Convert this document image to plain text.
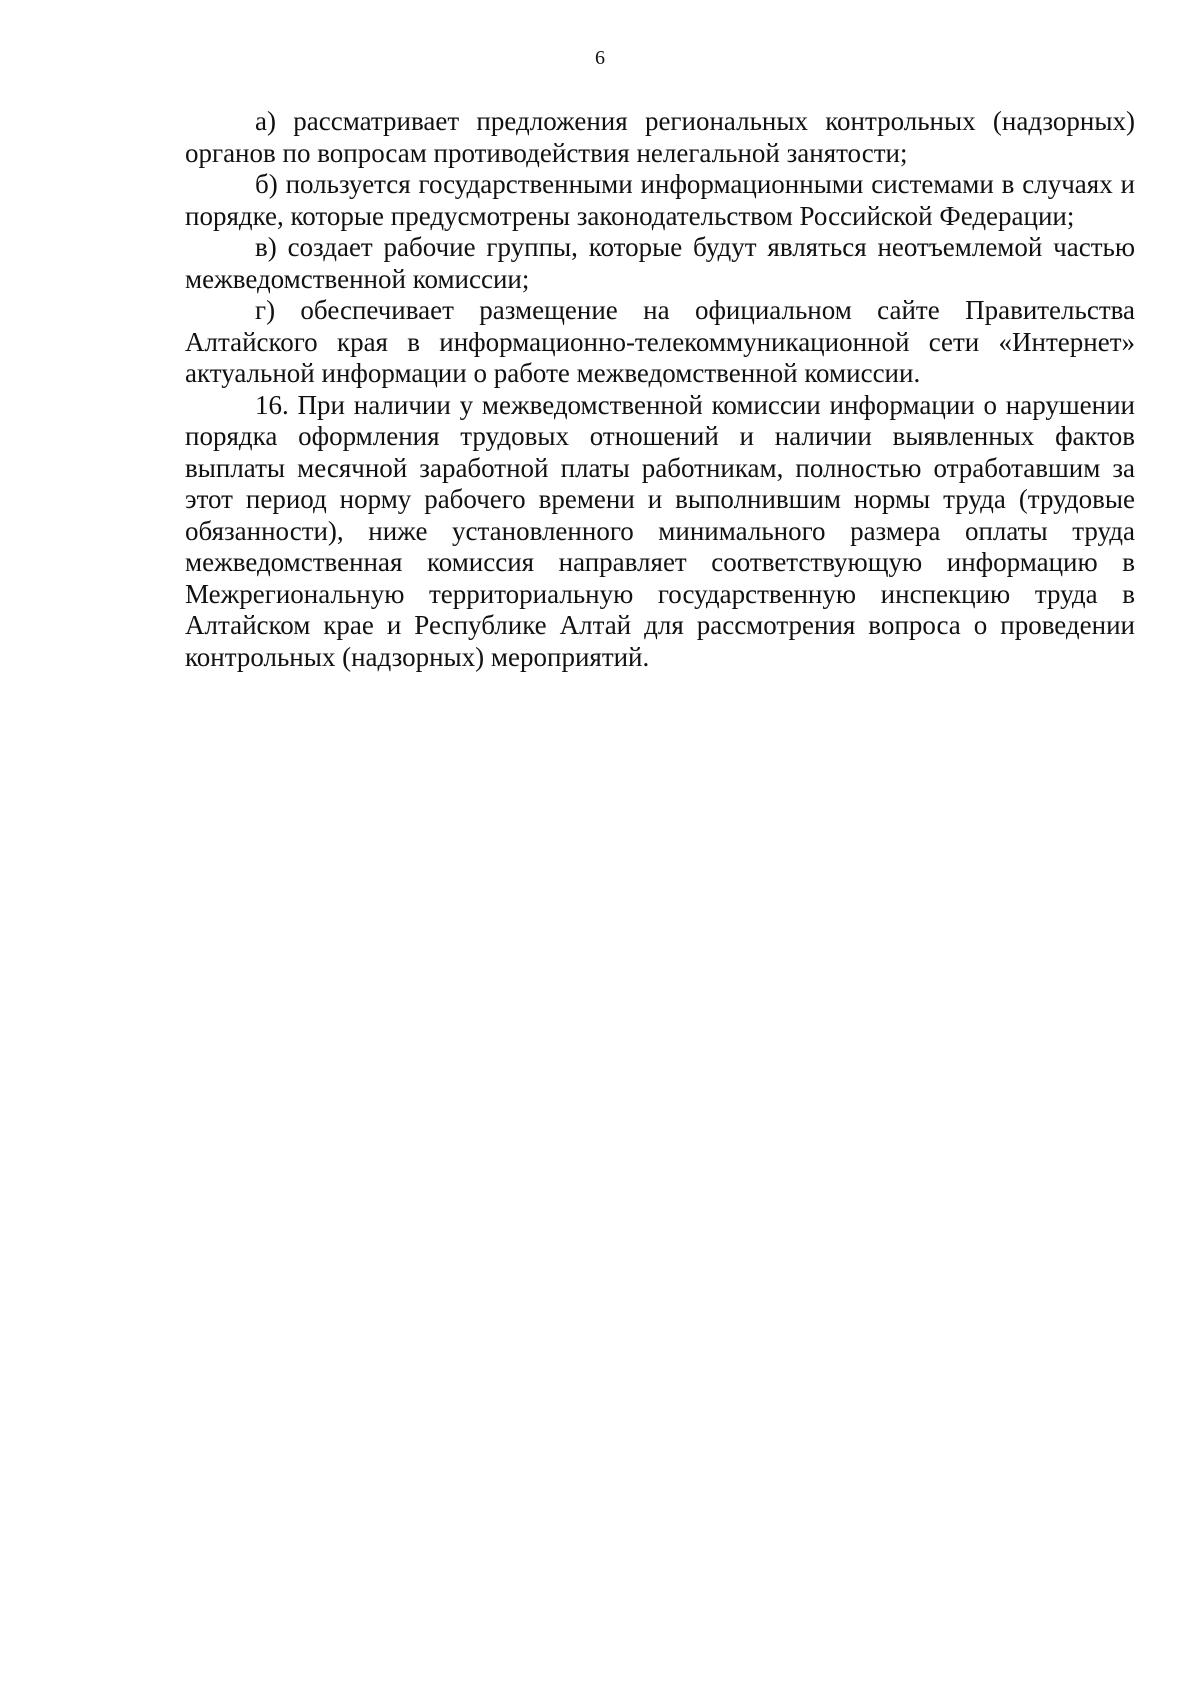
6

а) рассматривает предложения региональных контрольных (надзорных) органов по вопросам противодействия нелегальной занятости;

б) пользуется государственными информационными системами в случаях и порядке, которые предусмотрены законодательством Российской Федерации;

в) создает рабочие группы, которые будут являться неотъемлемой частью межведомственной комиссии;

г) обеспечивает размещение на официальном сайте Правительства Алтайского края в информационно-телекоммуникационной сети «Интернет» актуальной информации о работе межведомственной комиссии.

16. При наличии у межведомственной комиссии информации о нарушении порядка оформления трудовых отношений и наличии выявленных фактов выплаты месячной заработной платы работникам, полностью отработавшим за этот период норму рабочего времени и выполнившим нормы труда (трудовые обязанности), ниже установленного минимального размера оплаты труда межведомственная комиссия направляет соответствующую информацию в Межрегиональную территориальную государственную инспекцию труда в Алтайском крае и Республике Алтай для рассмотрения вопроса о проведении контрольных (надзорных) мероприятий.
